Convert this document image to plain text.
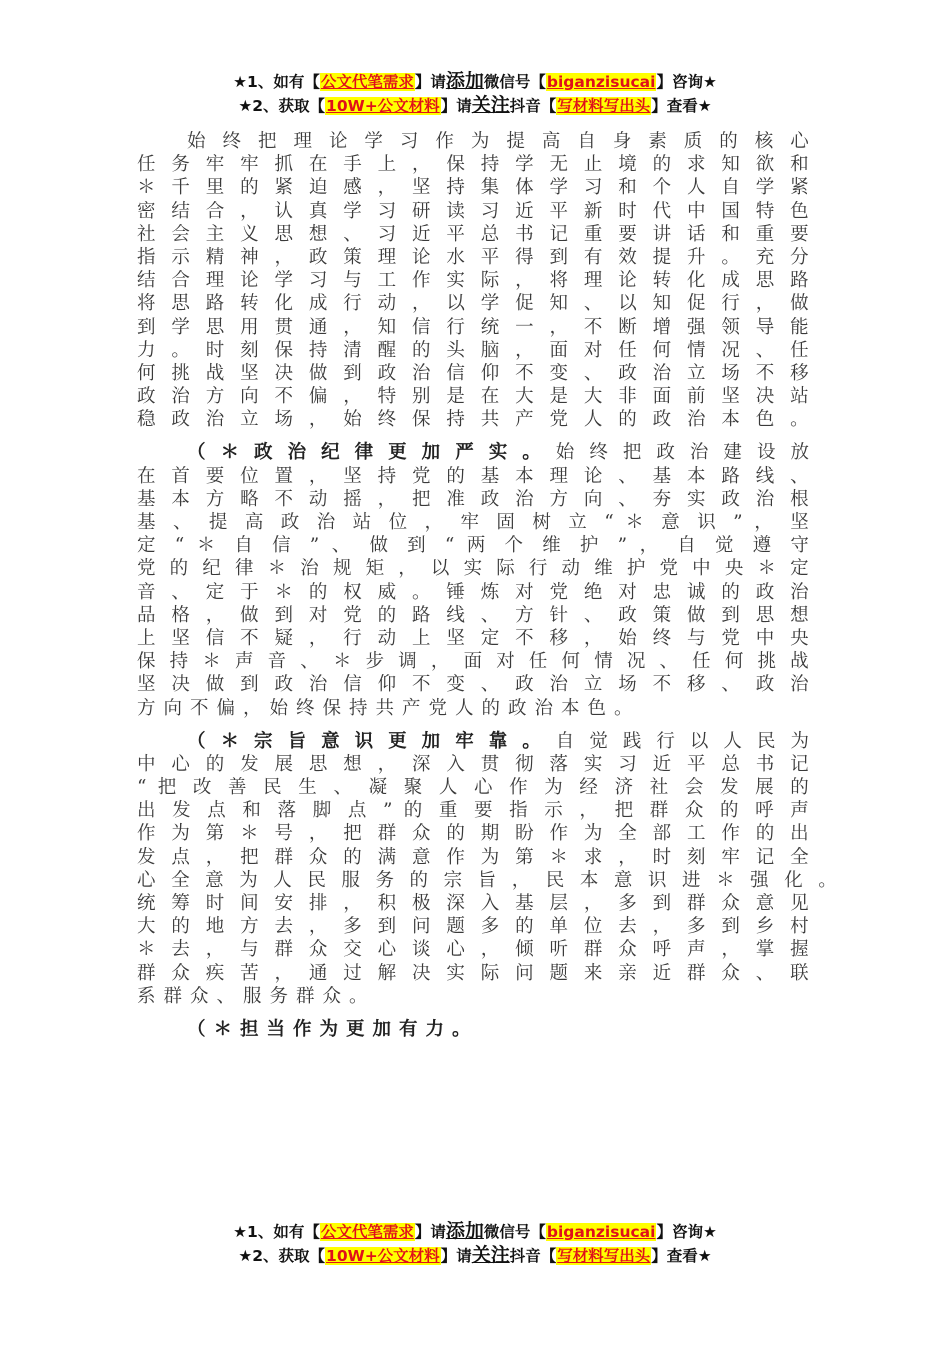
★1、如有【公文代笔需求】请添加微信号【biganzisucai】咨询★
★2、获取【10W+公文材料】请关注抖音【写材料写出头】查看★
始 终 把 理 论 学 习 作 为 提 高 自 身 素 质 的 核 心
任 务 牢 牢 抓 在 手 上 ， 保 持 学 无 止 境 的 求 知 欲 和
＊ 千 里 的 紧 迫 感 ， 坚 持 集 体 学 习 和 个 人 自 学 紧
密 结 合 ， 认 真 学 习 研 读 习 近 平 新 时 代 中 国 特 色
社 会 主 义 思 想 、 习 近 平 总 书 记 重 要 讲 话 和 重 要
指 示 精 神 ， 政 策 理 论 水 平 得 到 有 效 提 升 。 充 分
结 合 理 论 学 习 与 工 作 实 际 ， 将 理 论 转 化 成 思 路
将 思 路 转 化 成 行 动 ， 以 学 促 知 、 以 知 促 行 ， 做
到 学 思 用 贯 通 ， 知 信 行 统 一 ， 不 断 增 强 领 导 能
力 。 时 刻 保 持 清 醒 的 头 脑 ， 面 对 任 何 情 况 、 任
何 挑 战 坚 决 做 到 政 治 信 仰 不 变 、 政 治 立 场 不 移
政 治 方 向 不 偏 ， 特 别 是 在 大 是 大 非 面 前 坚 决 站
稳 政 治 立 场 ， 始 终 保 持 共 产 党 人 的 政 治 本 色 。
（＊政治纪律更加严实。始终把政治建设放
在 首 要 位 置 ， 坚 持 党 的 基 本 理 论 、 基 本 路 线 、
基 本 方 略 不 动 摇 ， 把 准 政 治 方 向 、 夯 实 政 治 根
基 、 提 高 政 治 站 位 ， 牢 固 树 立 “ ＊ 意 识 ” ， 坚
定 “ ＊ 自 信 ” 、 做 到 “ 两 个 维 护 ” ， 自 觉 遵 守
党 的 纪 律 ＊ 治 规 矩 ， 以 实 际 行 动 维 护 党 中 央 ＊ 定
音 、 定 于 ＊ 的 权 威 。 锤 炼 对 党 绝 对 忠 诚 的 政 治
品 格 ， 做 到 对 党 的 路 线 、 方 针 、 政 策 做 到 思 想
上 坚 信 不 疑 ， 行 动 上 坚 定 不 移 ， 始 终 与 党 中 央
保 持 ＊ 声 音 、 ＊ 步 调 ， 面 对 任 何 情 况 、 任 何 挑 战
坚 决 做 到 政 治 信 仰 不 变 、 政 治 立 场 不 移 、 政 治
方向不偏，始终保持共产党人的政治本色。
（＊宗旨意识更加牢靠。自觉践行以人民为
中 心 的 发 展 思 想 ， 深 入 贯 彻 落 实 习 近 平 总 书 记
“ 把 改 善 民 生 、 凝 聚 人 心 作 为 经 济 社 会 发 展 的
出 发 点 和 落 脚 点 ” 的 重 要 指 示 ， 把 群 众 的 呼 声
作 为 第 ＊ 号 ， 把 群 众 的 期 盼 作 为 全 部 工 作 的 出
发 点 ， 把 群 众 的 满 意 作 为 第 ＊ 求 ， 时 刻 牢 记 全
心 全 意 为 人 民 服 务 的 宗 旨 ， 民 本 意 识 进 ＊ 强 化 。
统 筹 时 间 安 排 ， 积 极 深 入 基 层 ， 多 到 群 众 意 见
大 的 地 方 去 ， 多 到 问 题 多 的 单 位 去 ， 多 到 乡 村
＊ 去 ， 与 群 众 交 心 谈 心 ， 倾 听 群 众 呼 声 ， 掌 握
群 众 疾 苦 ， 通 过 解 决 实 际 问 题 来 亲 近 群 众 、 联
系群众、服务群众。
（＊担当作为更加有力。
★1、如有【公文代笔需求】请添加微信号【biganzisucai】咨询★
★2、获取【10W+公文材料】请关注抖音【写材料写出头】查看★
